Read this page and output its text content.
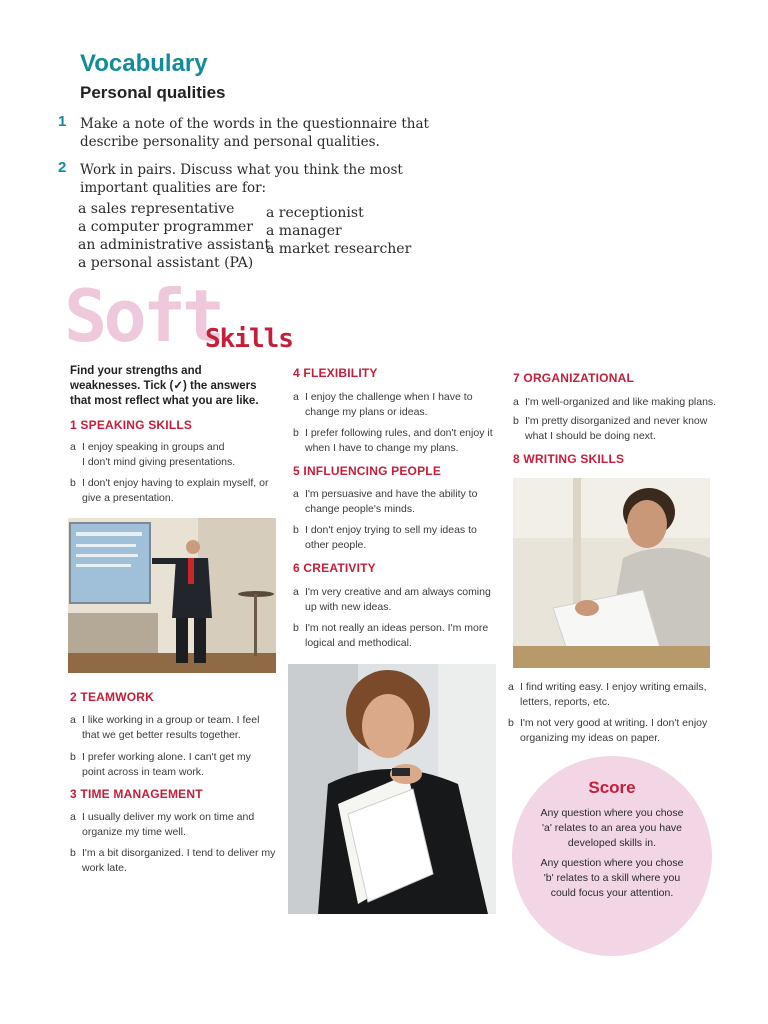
Vocabulary
Personal qualities
1 Make a note of the words in the questionnaire that
describe personality and personal qualities.
2 Work in pairs. Discuss what you think the most
important qualities are for:
a sales representative
a computer programmer
an administrative assistant
a personal assistant (PA)
a receptionist
a manager
a market researcher
Soft
Skills
Find your strengths and
weaknesses. Tick (✓) the answers
that most reflect what you are like.
1 SPEAKING SKILLS
a I enjoy speaking in groups and
I don't mind giving presentations.
b I don't enjoy having to explain myself, or
give a presentation.
2 TEAMWORK
a I like working in a group or team. I feel
that we get better results together.
b I prefer working alone. I can't get my
point across in team work.
3 TIME MANAGEMENT
a I usually deliver my work on time and
organize my time well.
b I'm a bit disorganized. I tend to deliver my
work late.
4 FLEXIBILITY
a I enjoy the challenge when I have to
change my plans or ideas.
b I prefer following rules, and don't enjoy it
when I have to change my plans.
5 INFLUENCING PEOPLE
a I'm persuasive and have the ability to
change people's minds.
b I don't enjoy trying to sell my ideas to
other people.
6 CREATIVITY
a I'm very creative and am always coming
up with new ideas.
b I'm not really an ideas person. I'm more
logical and methodical.
7 ORGANIZATIONAL
a I'm well-organized and like making plans.
b I'm pretty disorganized and never know
what I should be doing next.
8 WRITING SKILLS
a I find writing easy. I enjoy writing emails,
letters, reports, etc.
b I'm not very good at writing. I don't enjoy
organizing my ideas on paper.
Score
Any question where you chose
'a' relates to an area you have
developed skills in.
Any question where you chose
'b' relates to a skill where you
could focus your attention.
